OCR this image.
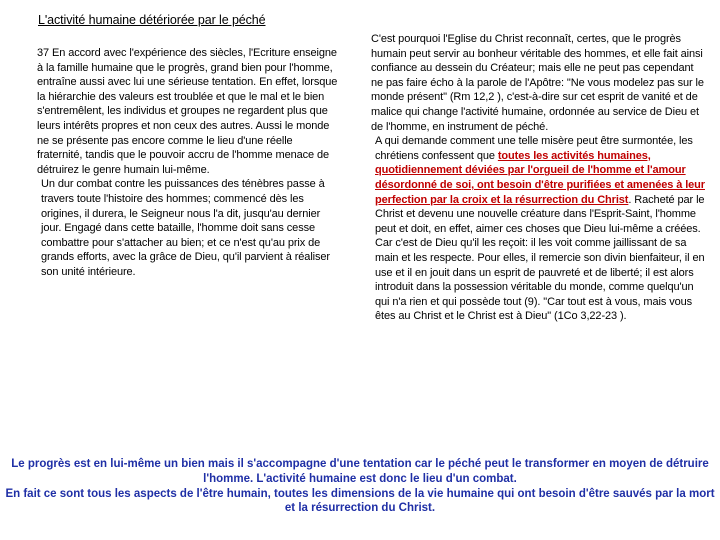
L'activité humaine détériorée par le péché

37 En accord avec l'expérience des siècles, l'Ecriture enseigne à la famille humaine que le progrès, grand bien pour l'homme, entraîne aussi avec lui une sérieuse tentation. En effet, lorsque la hiérarchie des valeurs est troublée et que le mal et le bien s'entremêlent, les individus et groupes ne regardent plus que leurs intérêts propres et non ceux des autres. Aussi le monde ne se présente pas encore comme le lieu d'une réelle fraternité, tandis que le pouvoir accru de l'homme menace de détruirez le genre humain lui-même.

Un dur combat contre les puissances des ténèbres passe à travers toute l'histoire des hommes; commencé dès les origines, il durera, le Seigneur nous l'a dit, jusqu'au dernier jour. Engagé dans cette bataille, l'homme doit sans cesse combattre pour s'attacher au bien; et ce n'est qu'au prix de grands efforts, avec la grâce de Dieu, qu'il parvient à réaliser son unité intérieure.

C'est pourquoi l'Eglise du Christ reconnaît, certes, que le progrès humain peut servir au bonheur véritable des hommes, et elle fait ainsi confiance au dessein du Créateur; mais elle ne peut pas cependant ne pas faire écho à la parole de l'Apôtre: "Ne vous modelez pas sur le monde présent" (Rm 12,2 ), c'est-à-dire sur cet esprit de vanité et de malice qui change l'activité humaine, ordonnée au service de Dieu et de l'homme, en instrument de péché.

A qui demande comment une telle misère peut être surmontée, les chrétiens confessent que toutes les activités humaines, quotidiennement déviées par l'orgueil de l'homme et l'amour désordonné de soi, ont besoin d'être purifiées et amenées à leur perfection par la croix et la résurrection du Christ. Racheté par le Christ et devenu une nouvelle créature dans l'Esprit-Saint, l'homme peut et doit, en effet, aimer ces choses que Dieu lui-même a créées. Car c'est de Dieu qu'il les reçoit: il les voit comme jaillissant de sa main et les respecte. Pour elles, il remercie son divin bienfaiteur, il en use et il en jouit dans un esprit de pauvreté et de liberté; il est alors introduit dans la possession véritable du monde, comme quelqu'un qui n'a rien et qui possède tout (9). "Car tout est à vous, mais vous êtes au Christ et le Christ est à Dieu" (1Co 3,22-23 ).

Le progrès est en lui-même un bien mais il s'accompagne d'une tentation car le péché peut le transformer en moyen de détruire l'homme. L'activité humaine est donc le lieu d'un combat.

En fait ce sont tous les aspects de l'être humain, toutes les dimensions de la vie humaine qui ont besoin d'être sauvés par la mort et la résurrection du Christ.
